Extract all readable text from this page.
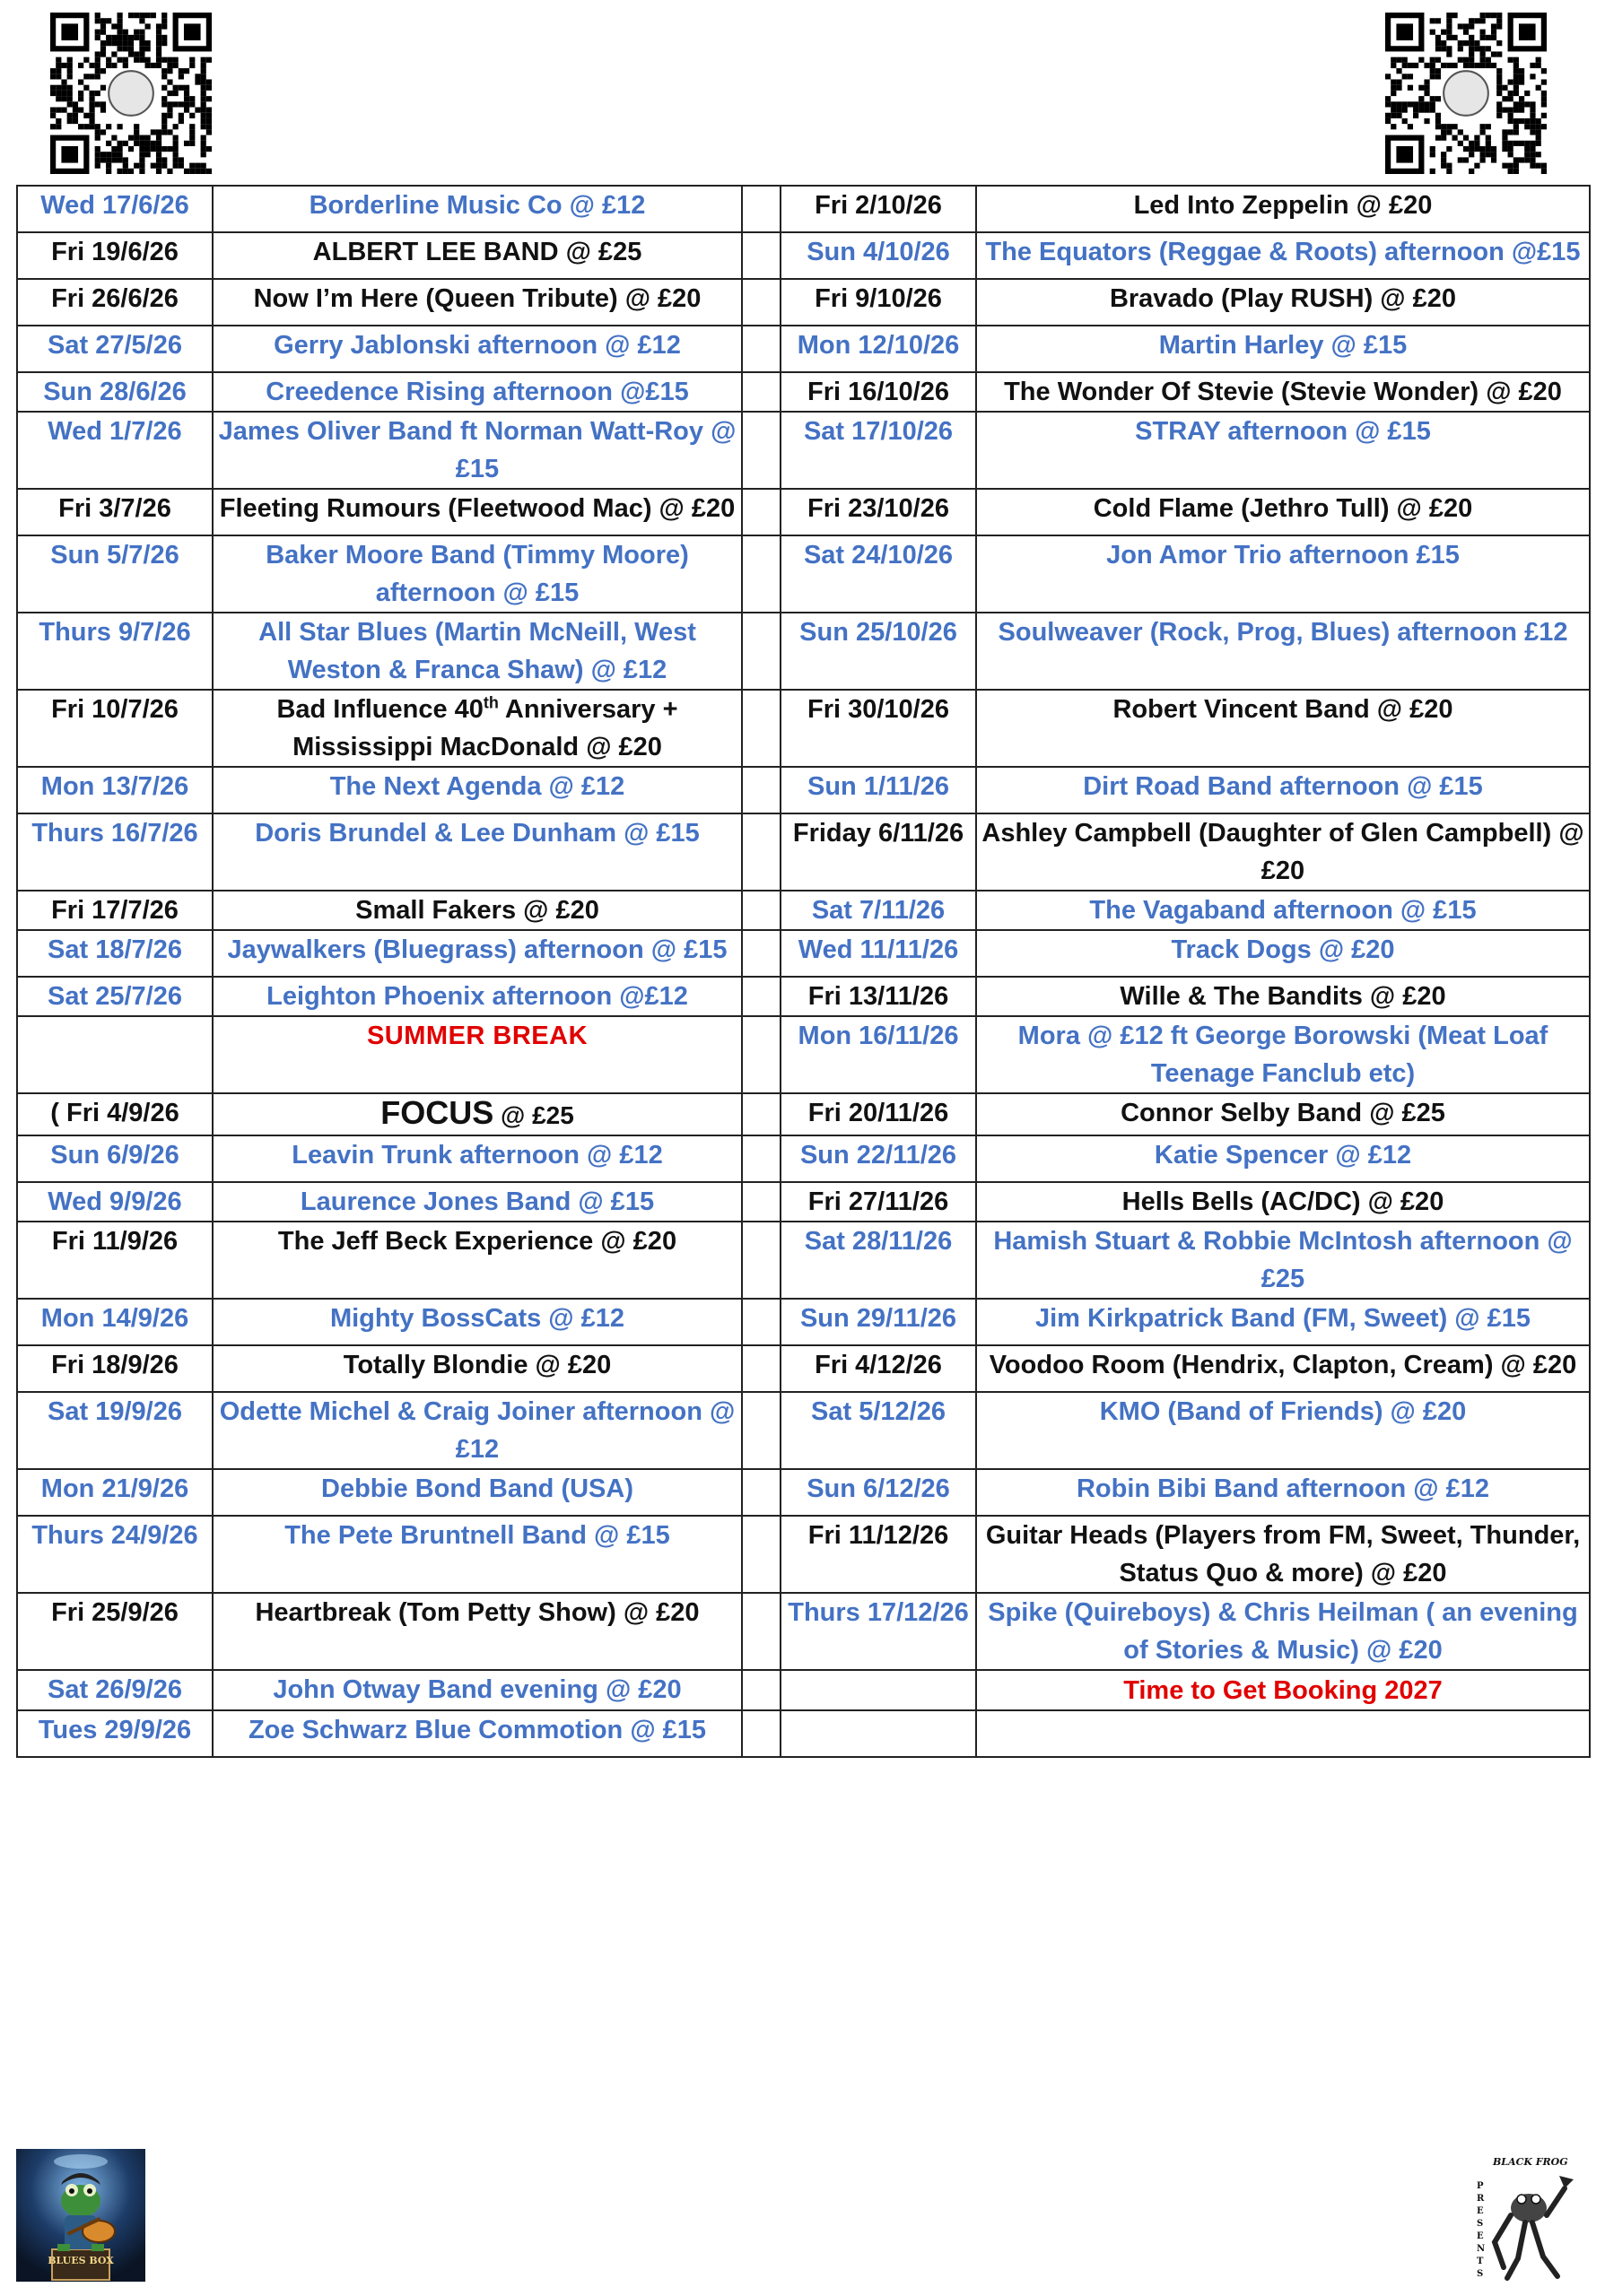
Wed 17/6/26	Borderline Music Co @ £12		Fri 2/10/26	Led Into Zeppelin @ £20
Fri 19/6/26	ALBERT LEE BAND @ £25		Sun 4/10/26	The Equators (Reggae & Roots) afternoon @£15
Fri 26/6/26	Now I’m Here (Queen Tribute) @ £20		Fri 9/10/26	Bravado (Play RUSH) @ £20
Sat 27/5/26	Gerry Jablonski afternoon @ £12		Mon 12/10/26	Martin Harley @ £15
Sun 28/6/26	Creedence Rising afternoon @£15		Fri 16/10/26	The Wonder Of Stevie (Stevie Wonder) @ £20
Wed 1/7/26	James Oliver Band ft Norman Watt-Roy @ £15		Sat 17/10/26	STRAY afternoon @ £15
Fri 3/7/26	Fleeting Rumours (Fleetwood Mac) @ £20		Fri 23/10/26	Cold Flame (Jethro Tull) @ £20
Sun 5/7/26	Baker Moore Band (Timmy Moore) afternoon @ £15		Sat 24/10/26	Jon Amor Trio afternoon £15
Thurs 9/7/26	All Star Blues (Martin McNeill, West Weston & Franca Shaw) @ £12		Sun 25/10/26	Soulweaver (Rock, Prog, Blues) afternoon £12
Fri 10/7/26	Bad Influence 40th Anniversary + Mississippi MacDonald @ £20		Fri 30/10/26	Robert Vincent Band @ £20
Mon 13/7/26	The Next Agenda @ £12		Sun 1/11/26	Dirt Road Band afternoon @ £15
Thurs 16/7/26	Doris Brundel & Lee Dunham @ £15		Friday 6/11/26	Ashley Campbell (Daughter of Glen Campbell) @ £20
Fri 17/7/26	Small Fakers @ £20		Sat 7/11/26	The Vagaband afternoon @ £15
Sat 18/7/26	Jaywalkers (Bluegrass) afternoon @ £15		Wed 11/11/26	Track Dogs @ £20
Sat 25/7/26	Leighton Phoenix afternoon @£12		Fri 13/11/26	Wille & The Bandits @ £20
	SUMMER BREAK		Mon 16/11/26	Mora @ £12 ft George Borowski (Meat Loaf Teenage Fanclub etc)
( Fri 4/9/26	FOCUS @ £25		Fri 20/11/26	Connor Selby Band @ £25
Sun 6/9/26	Leavin Trunk afternoon @ £12		Sun 22/11/26	Katie Spencer @ £12
Wed 9/9/26	Laurence Jones Band @ £15		Fri 27/11/26	Hells Bells (AC/DC) @ £20
Fri 11/9/26	The Jeff Beck Experience @ £20		Sat 28/11/26	Hamish Stuart & Robbie McIntosh afternoon @ £25
Mon 14/9/26	Mighty BossCats @ £12		Sun 29/11/26	Jim Kirkpatrick Band (FM, Sweet) @ £15
Fri 18/9/26	Totally Blondie @ £20		Fri 4/12/26	Voodoo Room (Hendrix, Clapton, Cream) @ £20
Sat 19/9/26	Odette Michel & Craig Joiner afternoon @ £12		Sat 5/12/26	KMO (Band of Friends) @ £20
Mon 21/9/26	Debbie Bond Band (USA)		Sun 6/12/26	Robin Bibi Band afternoon @ £12
Thurs 24/9/26	The Pete Bruntnell Band @ £15		Fri 11/12/26	Guitar Heads (Players from FM, Sweet, Thunder, Status Quo & more) @ £20
Fri 25/9/26	Heartbreak (Tom Petty Show) @ £20		Thurs 17/12/26	Spike (Quireboys) & Chris Heilman ( an evening of Stories & Music) @ £20
Sat 26/9/26	John Otway Band evening @ £20			Time to Get Booking 2027
Tues 29/9/26	Zoe Schwarz Blue Commotion @ £15			
BLUES BOX
BLACK FROG
P
R
E
S
E
N
T
S
